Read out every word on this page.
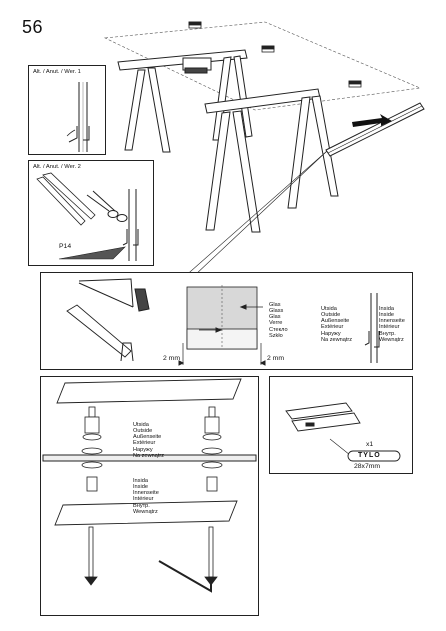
56
Alt. / Anut. / Wer. 1
Alt. / Anut. / Wer. 2
P14

Glas
Glass
Glas
Verre
Стекло
Szkło

2 mm	2 mm

Utsida
Outside
Außenseite
Extérieur
Наружу
Na zewnątrz

Insida
Inside
Innenseite
Intérieur
Внутр.
Wewnątrz

Utsida
Outside
Außenseite
Extérieur
Наружу
Na zewnątrz

Insida
Inside
Innenseite
Intérieur
Внутр.
Wewnątrz

x1
TYLÖ
28x7mm
